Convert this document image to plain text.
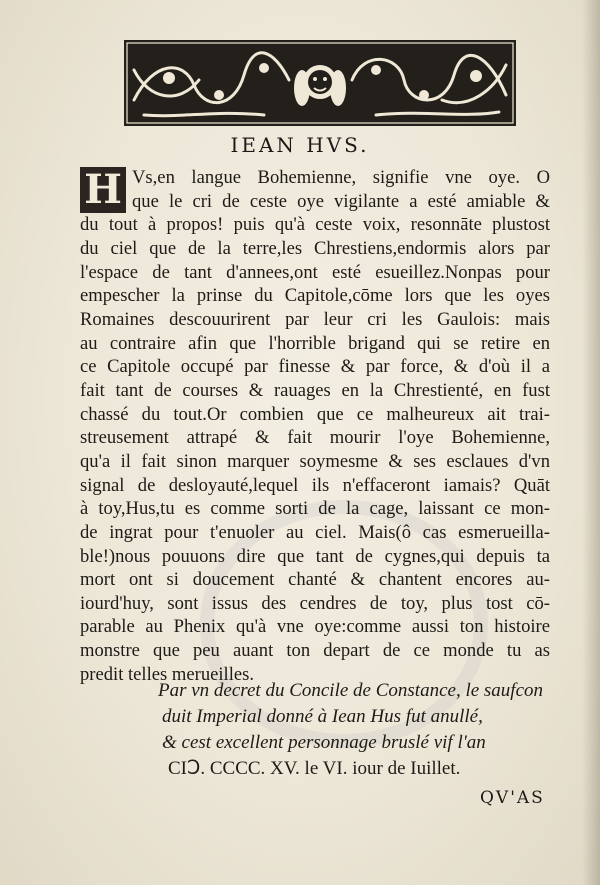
IEAN HVS.
H Vs,en langue Bohemienne, signifie vne oye. O
que le cri de ceste oye vigilante a esté amiable &
du tout à propos! puis qu'à ceste voix, resonnāte plustost
du ciel que de la terre,les Chrestiens,endormis alors par
l'espace de tant d'annees,ont esté esueillez.Nonpas pour
empescher la prinse du Capitole,cōme lors que les oyes
Romaines descouurirent par leur cri les Gaulois: mais
au contraire afin que l'horrible brigand qui se retire en
ce Capitole occupé par finesse & par force, & d'où il a
fait tant de courses & rauages en la Chrestienté, en fust
chassé du tout.Or combien que ce malheureux ait trai-
streusement attrapé & fait mourir l'oye Bohemienne,
qu'a il fait sinon marquer soymesme & ses esclaues d'vn
signal de desloyauté,lequel ils n'effaceront iamais? Quāt
à toy,Hus,tu es comme sorti de la cage, laissant ce mon-
de ingrat pour t'enuoler au ciel. Mais(ô cas esmerueilla-
ble!)nous pouuons dire que tant de cygnes,qui depuis ta
mort ont si doucement chanté & chantent encores au-
iourd'huy, sont issus des cendres de toy, plus tost cō-
parable au Phenix qu'à vne oye:comme aussi ton histoire
monstre que peu auant ton depart de ce monde tu as
predit telles merueilles.
Par vn decret du Concile de Constance, le saufcon
duit Imperial donné à Iean Hus fut anullé,
& cest excellent personnage bruslé vif l'an
CIↃ. CCCC. XV. le VI. iour de Iuillet.
QV'AS
